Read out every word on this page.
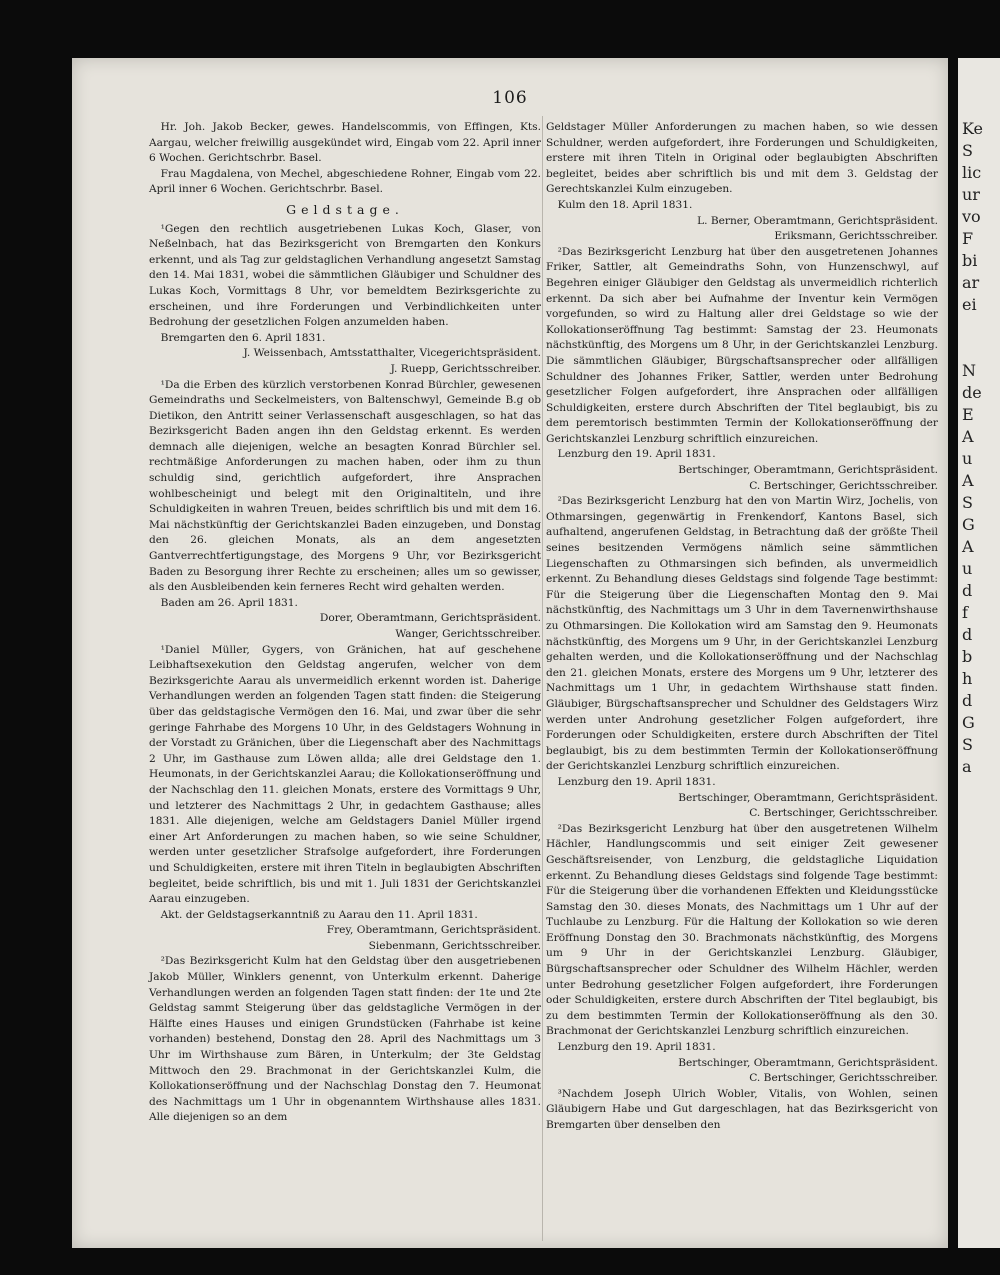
106

Hr. Joh. Jakob Becker, gewes. Handelscommis, von Effingen, Kts. Aargau, welcher freiwillig ausgekündet wird, Eingab vom 22. April inner 6 Wochen. Gerichtschrbr. Basel.

Frau Magdalena, von Mechel, abgeschiedene Rohner, Eingab vom 22. April inner 6 Wochen. Gerichtschrbr. Basel.

Geldstage.

¹Gegen den rechtlich ausgetriebenen Lukas Koch, Glaser, von Neßelnbach, hat das Bezirksgericht von Bremgarten den Konkurs erkennt, und als Tag zur geldstaglichen Verhandlung angesetzt Samstag den 14. Mai 1831, wobei die sämmtlichen Gläubiger und Schuldner des Lukas Koch, Vormittags 8 Uhr, vor bemeldtem Bezirksgerichte zu erscheinen, und ihre Forderungen und Verbindlichkeiten unter Bedrohung der gesetzlichen Folgen anzumelden haben.

Bremgarten den 6. April 1831.

J. Weissenbach, Amtsstatthalter, Vicegerichtspräsident.

J. Ruepp, Gerichtsschreiber.

¹Da die Erben des kürzlich verstorbenen Konrad Bürchler, gewesenen Gemeindraths und Seckelmeisters, von Baltenschwyl, Gemeinde B.g ob Dietikon, den Antritt seiner Verlassenschaft ausgeschlagen, so hat das Bezirksgericht Baden angen ihn den Geldstag erkennt. Es werden demnach alle diejenigen, welche an besagten Konrad Bürchler sel. rechtmäßige Anforderungen zu machen haben, oder ihm zu thun schuldig sind, gerichtlich aufgefordert, ihre Ansprachen wohlbescheinigt und belegt mit den Originaltiteln, und ihre Schuldigkeiten in wahren Treuen, beides schriftlich bis und mit dem 16. Mai nächstkünftig der Gerichtskanzlei Baden einzugeben, und Donstag den 26. gleichen Monats, als an dem angesetzten Gantverrechtfertigungstage, des Morgens 9 Uhr, vor Bezirksgericht Baden zu Besorgung ihrer Rechte zu erscheinen; alles um so gewisser, als den Ausbleibenden kein ferneres Recht wird gehalten werden.

Baden am 26. April 1831.

Dorer, Oberamtmann, Gerichtspräsident.

Wanger, Gerichtsschreiber.

¹Daniel Müller, Gygers, von Gränichen, hat auf geschehene Leibhaftsexekution den Geldstag angerufen, welcher von dem Bezirksgerichte Aarau als unvermeidlich erkennt worden ist. Daherige Verhandlungen werden an folgenden Tagen statt finden: die Steigerung über das geldstagische Vermögen den 16. Mai, und zwar über die sehr geringe Fahrhabe des Morgens 10 Uhr, in des Geldstagers Wohnung in der Vorstadt zu Gränichen, über die Liegenschaft aber des Nachmittags 2 Uhr, im Gasthause zum Löwen allda; alle drei Geldstage den 1. Heumonats, in der Gerichtskanzlei Aarau; die Kollokationseröffnung und der Nachschlag den 11. gleichen Monats, erstere des Vormittags 9 Uhr, und letzterer des Nachmittags 2 Uhr, in gedachtem Gasthause; alles 1831. Alle diejenigen, welche am Geldstagers Daniel Müller irgend einer Art Anforderungen zu machen haben, so wie seine Schuldner, werden unter gesetzlicher Strafsolge aufgefordert, ihre Forderungen und Schuldigkeiten, erstere mit ihren Titeln in beglaubigten Abschriften begleitet, beide schriftlich, bis und mit 1. Juli 1831 der Gerichtskanzlei Aarau einzugeben.

Akt. der Geldstagserkanntniß zu Aarau den 11. April 1831.

Frey, Oberamtmann, Gerichtspräsident.

Siebenmann, Gerichtsschreiber.

²Das Bezirksgericht Kulm hat den Geldstag über den ausgetriebenen Jakob Müller, Winklers genennt, von Unterkulm erkennt. Daherige Verhandlungen werden an folgenden Tagen statt finden: der 1te und 2te Geldstag sammt Steigerung über das geldstagliche Vermögen in der Hälfte eines Hauses und einigen Grundstücken (Fahrhabe ist keine vorhanden) bestehend, Donstag den 28. April des Nachmittags um 3 Uhr im Wirthshause zum Bären, in Unterkulm; der 3te Geldstag Mittwoch den 29. Brachmonat in der Gerichtskanzlei Kulm, die Kollokationseröffnung und der Nachschlag Donstag den 7. Heumonat des Nachmittags um 1 Uhr in obgenanntem Wirthshause alles 1831. Alle diejenigen so an dem

Geldstager Müller Anforderungen zu machen haben, so wie dessen Schuldner, werden aufgefordert, ihre Forderungen und Schuldigkeiten, erstere mit ihren Titeln in Original oder beglaubigten Abschriften begleitet, beides aber schriftlich bis und mit dem 3. Geldstag der Gerechtskanzlei Kulm einzugeben.

Kulm den 18. April 1831.

L. Berner, Oberamtmann, Gerichtspräsident.

Eriksmann, Gerichtsschreiber.

²Das Bezirksgericht Lenzburg hat über den ausgetretenen Johannes Friker, Sattler, alt Gemeindraths Sohn, von Hunzenschwyl, auf Begehren einiger Gläubiger den Geldstag als unvermeidlich richterlich erkennt. Da sich aber bei Aufnahme der Inventur kein Vermögen vorgefunden, so wird zu Haltung aller drei Geldstage so wie der Kollokationseröffnung Tag bestimmt: Samstag der 23. Heumonats nächstkünftig, des Morgens um 8 Uhr, in der Gerichtskanzlei Lenzburg. Die sämmtlichen Gläubiger, Bürgschaftsansprecher oder allfälligen Schuldner des Johannes Friker, Sattler, werden unter Bedrohung gesetzlicher Folgen aufgefordert, ihre Ansprachen oder allfälligen Schuldigkeiten, erstere durch Abschriften der Titel beglaubigt, bis zu dem peremtorisch bestimmten Termin der Kollokationseröffnung der Gerichtskanzlei Lenzburg schriftlich einzureichen.

Lenzburg den 19. April 1831.

Bertschinger, Oberamtmann, Gerichtspräsident.

C. Bertschinger, Gerichtsschreiber.

²Das Bezirksgericht Lenzburg hat den von Martin Wirz, Jochelis, von Othmarsingen, gegenwärtig in Frenkendorf, Kantons Basel, sich aufhaltend, angerufenen Geldstag, in Betrachtung daß der größte Theil seines besitzenden Vermögens nämlich seine sämmtlichen Liegenschaften zu Othmarsingen sich befinden, als unvermeidlich erkennt. Zu Behandlung dieses Geldstags sind folgende Tage bestimmt: Für die Steigerung über die Liegenschaften Montag den 9. Mai nächstkünftig, des Nachmittags um 3 Uhr in dem Tavernenwirthshause zu Othmarsingen. Die Kollokation wird am Samstag den 9. Heumonats nächstkünftig, des Morgens um 9 Uhr, in der Gerichtskanzlei Lenzburg gehalten werden, und die Kollokationseröffnung und der Nachschlag den 21. gleichen Monats, erstere des Morgens um 9 Uhr, letzterer des Nachmittags um 1 Uhr, in gedachtem Wirthshause statt finden. Gläubiger, Bürgschaftsansprecher und Schuldner des Geldstagers Wirz werden unter Androhung gesetzlicher Folgen aufgefordert, ihre Forderungen oder Schuldigkeiten, erstere durch Abschriften der Titel beglaubigt, bis zu dem bestimmten Termin der Kollokationseröffnung der Gerichtskanzlei Lenzburg schriftlich einzureichen.

Lenzburg den 19. April 1831.

Bertschinger, Oberamtmann, Gerichtspräsident.

C. Bertschinger, Gerichtsschreiber.

²Das Bezirksgericht Lenzburg hat über den ausgetretenen Wilhelm Hächler, Handlungscommis und seit einiger Zeit gewesener Geschäftsreisender, von Lenzburg, die geldstagliche Liquidation erkennt. Zu Behandlung dieses Geldstags sind folgende Tage bestimmt: Für die Steigerung über die vorhandenen Effekten und Kleidungsstücke Samstag den 30. dieses Monats, des Nachmittags um 1 Uhr auf der Tuchlaube zu Lenzburg. Für die Haltung der Kollokation so wie deren Eröffnung Donstag den 30. Brachmonats nächstkünftig, des Morgens um 9 Uhr in der Gerichtskanzlei Lenzburg. Gläubiger, Bürgschaftsansprecher oder Schuldner des Wilhelm Hächler, werden unter Bedrohung gesetzlicher Folgen aufgefordert, ihre Forderungen oder Schuldigkeiten, erstere durch Abschriften der Titel beglaubigt, bis zu dem bestimmten Termin der Kollokationseröffnung als den 30. Brachmonat der Gerichtskanzlei Lenzburg schriftlich einzureichen.

Lenzburg den 19. April 1831.

Bertschinger, Oberamtmann, Gerichtspräsident.

C. Bertschinger, Gerichtsschreiber.

³Nachdem Joseph Ulrich Wobler, Vitalis, von Wohlen, seinen Gläubigern Habe und Gut dargeschlagen, hat das Bezirksgericht von Bremgarten über denselben den

Ke
S
lic
ur
vo
F
bi
ar
ei
N
de
E
A
u
A
S
G
A
u
d
f
d
b
h
d
G
S
a
